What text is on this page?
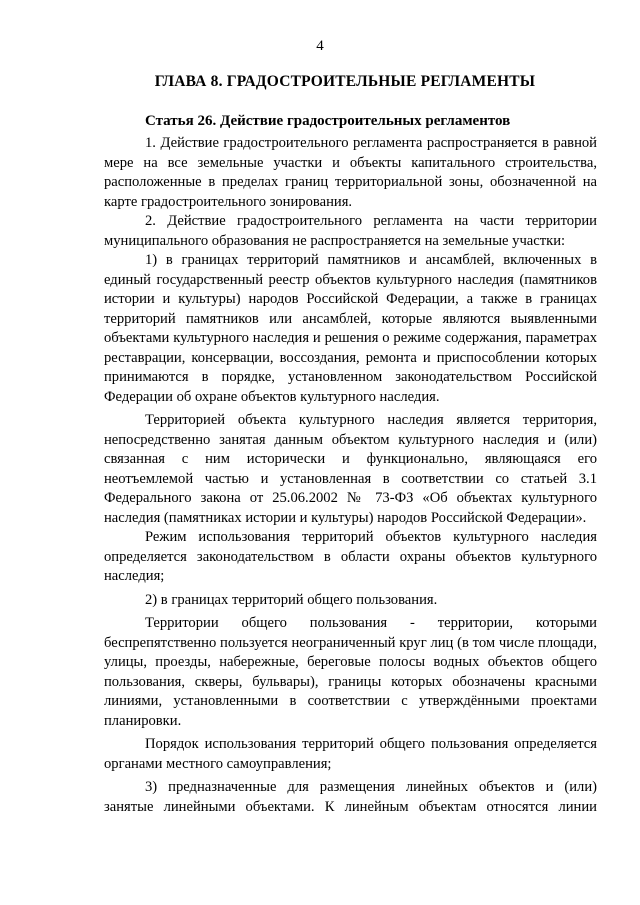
4
ГЛАВА 8. ГРАДОСТРОИТЕЛЬНЫЕ РЕГЛАМЕНТЫ
Статья 26. Действие градостроительных регламентов

1. Действие градостроительного регламента распространяется в равной мере на все земельные участки и объекты капитального строительства, расположенные в пределах границ территориальной зоны, обозначенной на карте градостроительного зонирования.

2. Действие градостроительного регламента на части территории муниципального образования не распространяется на земельные участки:

1) в границах территорий памятников и ансамблей, включенных в единый государственный реестр объектов культурного наследия (памятников истории и культуры) народов Российской Федерации, а также в границах территорий памятников или ансамблей, которые являются выявленными объектами культурного наследия и решения о режиме содержания, параметрах реставрации, консервации, воссоздания, ремонта и приспособлении которых принимаются в порядке, установленном законодательством Российской Федерации об охране объектов культурного наследия.

Территорией объекта культурного наследия является территория, непосредственно занятая данным объектом культурного наследия и (или) связанная с ним исторически и функционально, являющаяся его неотъемлемой частью и установленная в соответствии со статьей 3.1 Федерального закона от 25.06.2002 № 73-ФЗ «Об объектах культурного наследия (памятниках истории и культуры) народов Российской Федерации».

Режим использования территорий объектов культурного наследия определяется законодательством в области охраны объектов культурного наследия;

2) в границах территорий общего пользования.

Территории общего пользования - территории, которыми беспрепятственно пользуется неограниченный круг лиц (в том числе площади, улицы, проезды, набережные, береговые полосы водных объектов общего пользования, скверы, бульвары), границы которых обозначены красными линиями, установленными в соответствии с утверждёнными проектами планировки.

Порядок использования территорий общего пользования определяется органами местного самоуправления;

3) предназначенные для размещения линейных объектов и (или) занятые линейными объектами. К линейным объектам относятся линии
